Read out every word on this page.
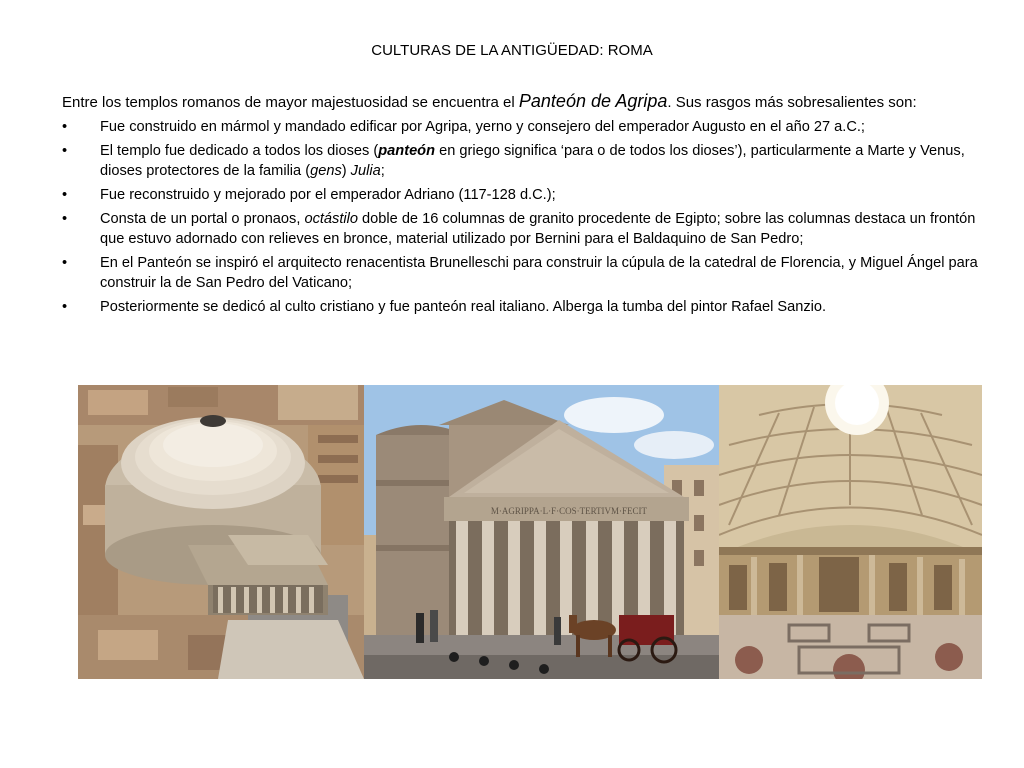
CULTURAS DE LA ANTIGÜEDAD: ROMA
Entre los templos romanos de mayor majestuosidad se encuentra el Panteón de Agripa. Sus rasgos más sobresalientes son:
• Fue construido en mármol y mandado edificar por Agripa, yerno y consejero del emperador Augusto en el año 27 a.C.;
• El templo fue dedicado a todos los dioses (panteón en griego significa ‘para o de todos los dioses’), particularmente a Marte y Venus, dioses protectores de la familia (gens) Julia;
• Fue reconstruido y mejorado por el emperador Adriano (117-128 d.C.);
• Consta de un portal o pronaos, octástilo doble de 16 columnas de granito procedente de Egipto; sobre las columnas destaca un frontón que estuvo adornado con relieves en bronce, material utilizado por Bernini para el Baldaquino de San Pedro;
• En el Panteón se inspiró el arquitecto renacentista Brunelleschi para construir la cúpula de la catedral de Florencia, y Miguel Ángel para construir la de San Pedro del Vaticano;
• Posteriormente se dedicó al culto cristiano y fue panteón real italiano. Alberga la tumba del pintor Rafael Sanzio.
M·AGRIPPA·L·F·COS·TERTIVM·FECIT
